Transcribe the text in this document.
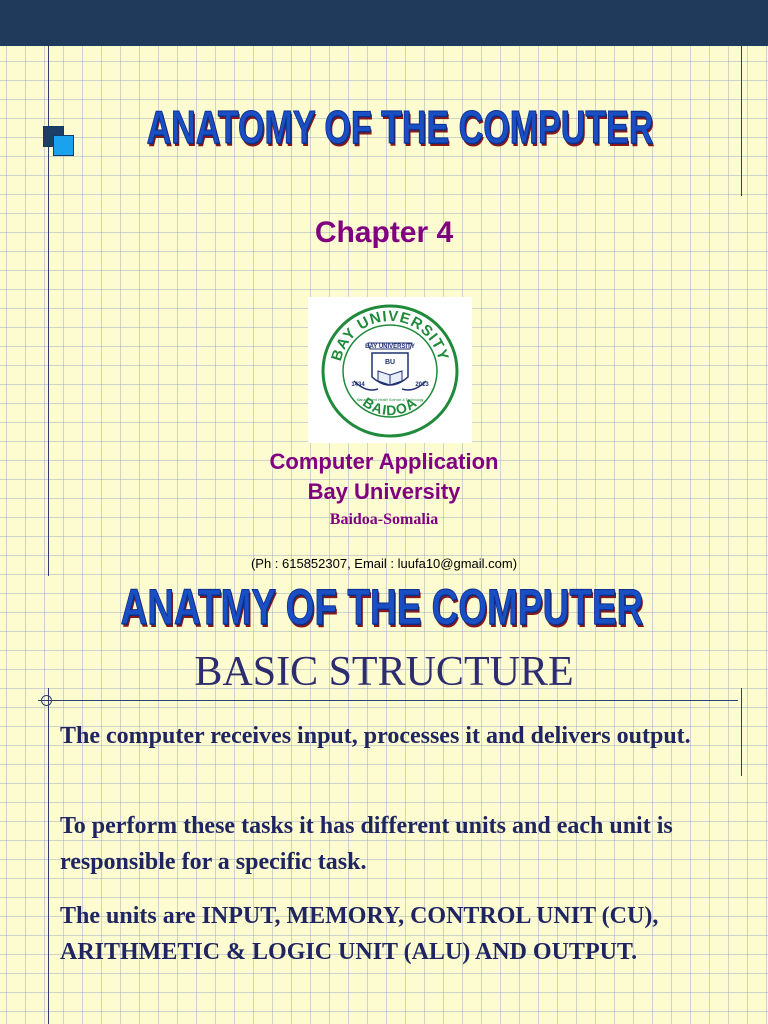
ANATOMY OF THE COMPUTER
Chapter 4
BAY UNIVERSITY
BAIDOA
BAY UNIVERSITY
BU
1434	2013
Management Health Science & Technology
Computer Application
Bay University
Baidoa-Somalia
(Ph : 615852307, Email : luufa10@gmail.com)
ANATMY OF THE COMPUTER
BASIC STRUCTURE
The computer receives input, processes it and delivers output.
To perform these tasks it has different units and each unit is responsible for a specific task.
The units are INPUT, MEMORY, CONTROL UNIT (CU), ARITHMETIC & LOGIC UNIT (ALU) AND OUTPUT.
